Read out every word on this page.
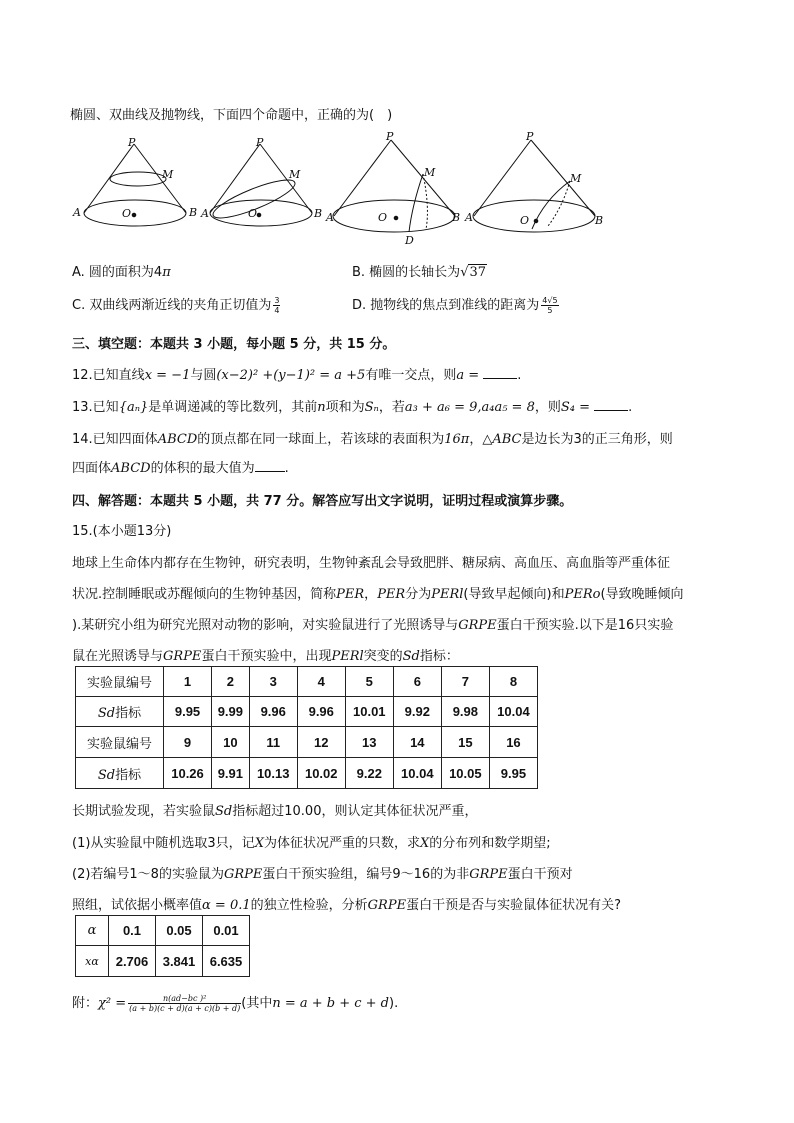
椭圆、双曲线及抛物线，下面四个命题中，正确的为(　)
P
M
A	B
O
P
M
A	B
O
P
M
A	B
O
D
P
M
A	B
O
A. 圆的面积为4π	B. 椭圆的长轴长为√37
C. 双曲线两渐近线的夹角正切值为 $\frac{3}{4}$	D. 抛物线的焦点到准线的距离为 $\frac{4√5}{5}$
三、填空题：本题共 3 小题，每小题 5 分，共 15 分。
12.已知直线x = −1与圆(x−2)² +(y−1)² = a +5有唯一交点，则a =	.
13.已知{aₙ}是单调递减的等比数列，其前n项和为Sₙ，若a₃ + a₆ = 9,a₄a₅ = 8，则S₄ =	.
14.已知四面体ABCD的顶点都在同一球面上，若该球的表面积为16π，△ABC是边长为3的正三角形，则
四面体ABCD的体积的最大值为 .
四、解答题：本题共 5 小题，共 77 分。解答应写出文字说明，证明过程或演算步骤。
15.(本小题13分)
地球上生命体内都存在生物钟，研究表明，生物钟紊乱会导致肥胖、糖尿病、高血压、高血脂等严重体征
状况.控制睡眠或苏醒倾向的生物钟基因，简称PER，PER分为PERl(导致早起倾向)和PERo(导致晚睡倾向
).某研究小组为研究光照对动物的影响，对实验鼠进行了光照诱导与GRPE蛋白干预实验.以下是16只实验
鼠在光照诱导与GRPE蛋白干预实验中，出现PERl突变的Sd指标：
实验鼠编号	1	2	3	4	5	6	7	8
Sd指标	9.95	9.99	9.96	9.96	10.01	9.92	9.98	10.04
实验鼠编号	9	10	11	12	13	14	15	16
Sd指标	10.26	9.91	10.13	10.02	9.22	10.04	10.05	9.95
长期试验发现，若实验鼠Sd指标超过10.00，则认定其体征状况严重，
(1)从实验鼠中随机选取3只，记X为体征状况严重的只数，求X的分布列和数学期望;
(2)若编号1～8的实验鼠为GRPE蛋白干预实验组，编号9～16的为非GRPE蛋白干预对
照组，试依据小概率值α = 0.1的独立性检验，分析GRPE蛋白干预是否与实验鼠体征状况有关?
α	0.1	0.05	0.01
xα	2.706	3.841	6.635
附：$\chi^2 = \frac{\text{n(ad−bc )²}}{(a + b)(c + d)(a + c)(b + d)}$ (其中n = a + b + c + d).
